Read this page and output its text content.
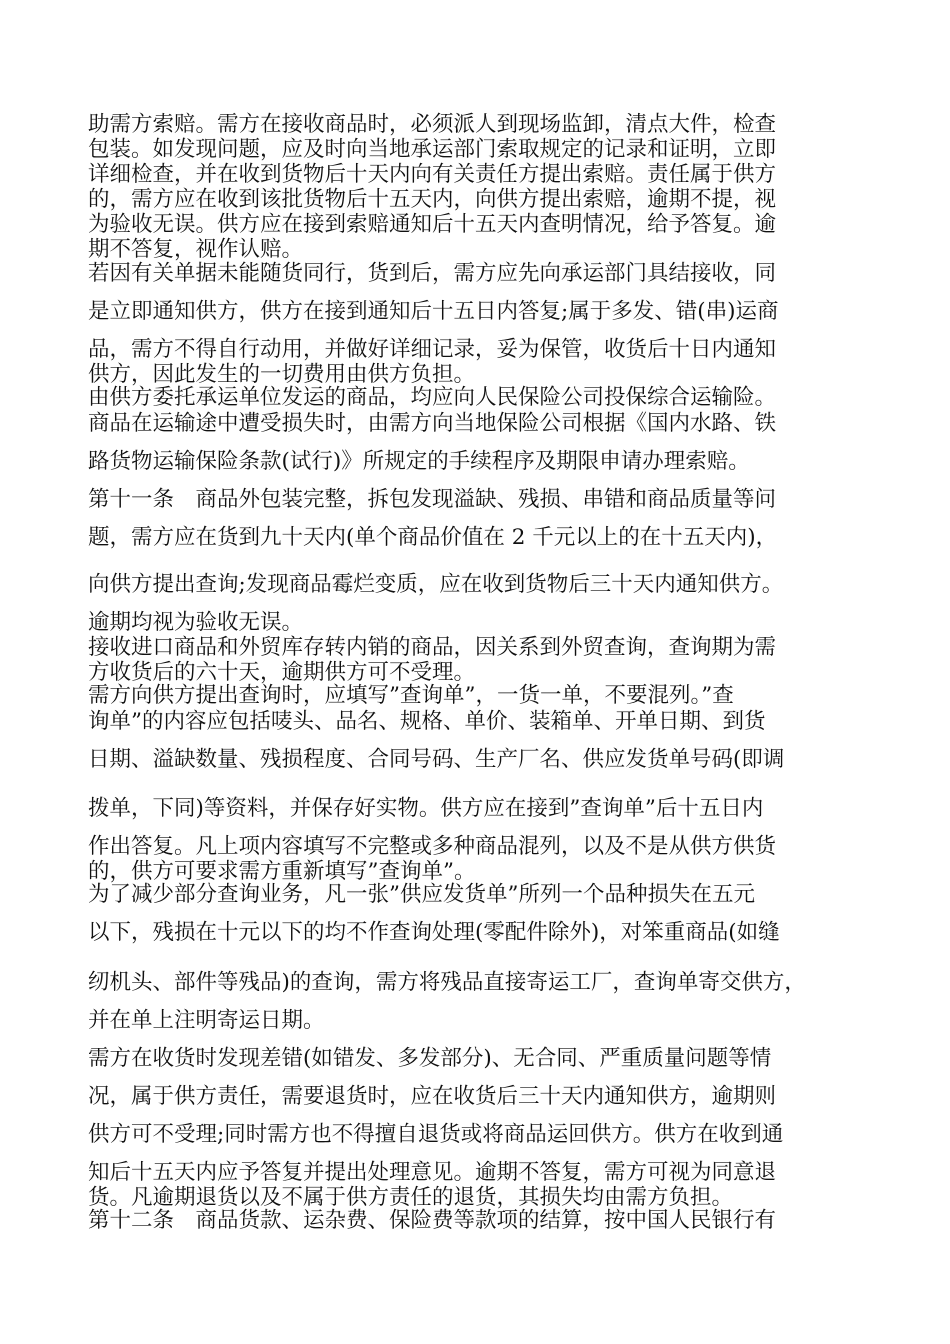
助需方索赔。需方在接收商品时，必须派人到现场监卸，清点大件，检查
包装。如发现问题，应及时向当地承运部门索取规定的记录和证明，立即
详细检查，并在收到货物后十天内向有关责任方提出索赔。责任属于供方
的，需方应在收到该批货物后十五天内，向供方提出索赔，逾期不提，视
为验收无误。供方应在接到索赔通知后十五天内查明情况，给予答复。逾
期不答复，视作认赔。
若因有关单据未能随货同行，货到后，需方应先向承运部门具结接收，同
是立即通知供方，供方在接到通知后十五日内答复;属于多发、错(串)运商
品，需方不得自行动用，并做好详细记录，妥为保管，收货后十日内通知
供方，因此发生的一切费用由供方负担。
由供方委托承运单位发运的商品，均应向人民保险公司投保综合运输险。
商品在运输途中遭受损失时，由需方向当地保险公司根据《国内水路、铁
路货物运输保险条款(试行)》所规定的手续程序及期限申请办理索赔。
第十一条　商品外包装完整，拆包发现溢缺、残损、串错和商品质量等问
题，需方应在货到九十天内(单个商品价值在 2 千元以上的在十五天内)，
向供方提出查询;发现商品霉烂变质，应在收到货物后三十天内通知供方。
逾期均视为验收无误。
接收进口商品和外贸库存转内销的商品，因关系到外贸查询，查询期为需
方收货后的六十天，逾期供方可不受理。
需方向供方提出查询时，应填写”查询单”，一货一单，不要混列。”查
询单”的内容应包括唛头、品名、规格、单价、装箱单、开单日期、到货
日期、溢缺数量、残损程度、合同号码、生产厂名、供应发货单号码(即调
拨单，下同)等资料，并保存好实物。供方应在接到”查询单”后十五日内
作出答复。凡上项内容填写不完整或多种商品混列，以及不是从供方供货
的，供方可要求需方重新填写”查询单”。
为了减少部分查询业务，凡一张”供应发货单”所列一个品种损失在五元
以下，残损在十元以下的均不作查询处理(零配件除外)，对笨重商品(如缝
纫机头、部件等残品)的查询，需方将残品直接寄运工厂，查询单寄交供方，
并在单上注明寄运日期。
需方在收货时发现差错(如错发、多发部分)、无合同、严重质量问题等情
况，属于供方责任，需要退货时，应在收货后三十天内通知供方，逾期则
供方可不受理;同时需方也不得擅自退货或将商品运回供方。供方在收到通
知后十五天内应予答复并提出处理意见。逾期不答复，需方可视为同意退
货。凡逾期退货以及不属于供方责任的退货，其损失均由需方负担。
第十二条　商品货款、运杂费、保险费等款项的结算，按中国人民银行有
